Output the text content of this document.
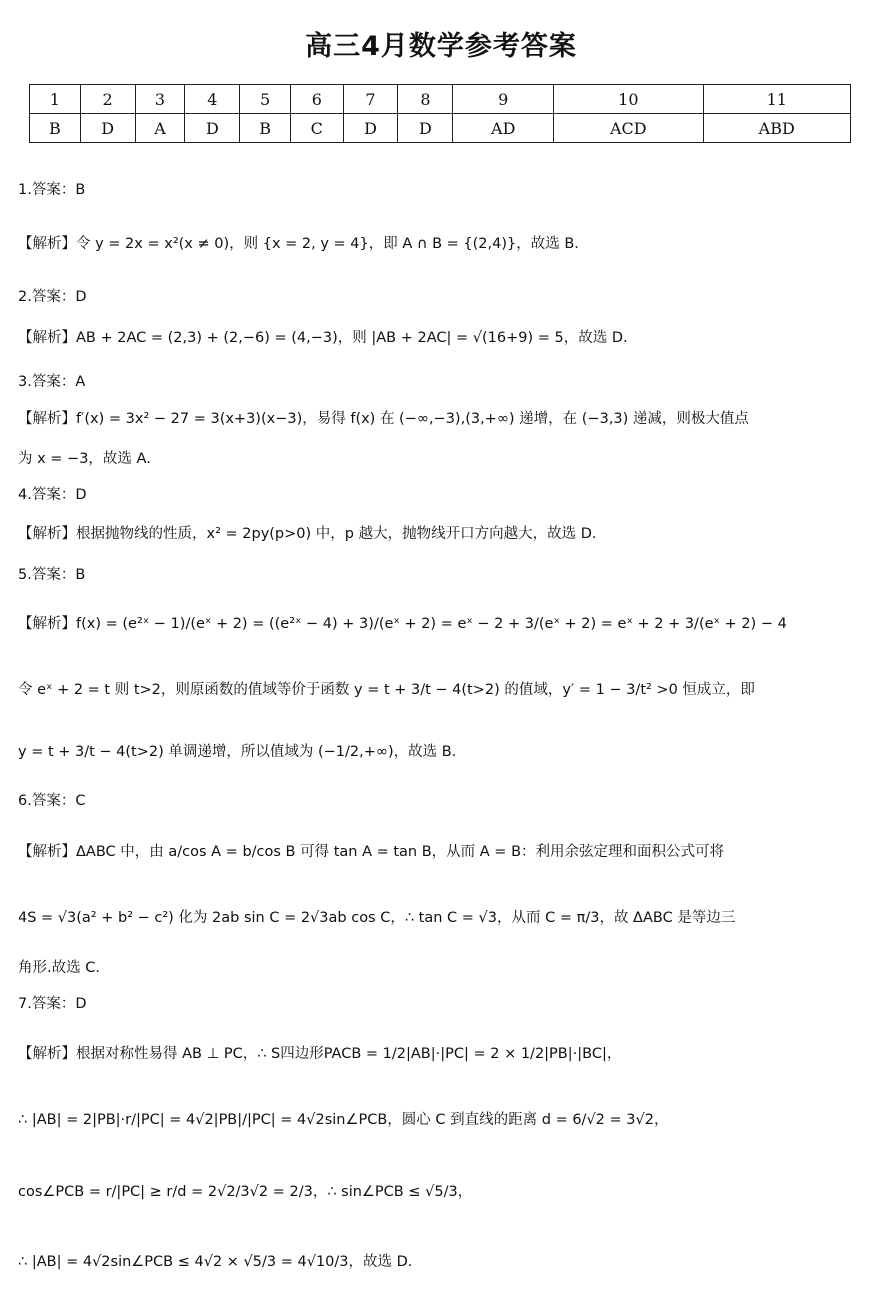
高三4月数学参考答案
1	2	3	4	5	6	7	8	9	10	11
B	D	A	D	B	C	D	D	AD	ACD	ABD
1.答案：B
【解析】令 y = 2x = x²(x ≠ 0)，则 {x = 2, y = 4}，即 A ∩ B = {(2,4)}，故选 B.
2.答案：D
【解析】AB + 2AC = (2,3) + (2,−6) = (4,−3)，则 |AB + 2AC| = √(16+9) = 5，故选 D.
3.答案：A
【解析】f′(x) = 3x² − 27 = 3(x+3)(x−3)，易得 f(x) 在 (−∞,−3),(3,+∞) 递增，在 (−3,3) 递减，则极大值点
为 x = −3，故选 A.
4.答案：D
【解析】根据抛物线的性质，x² = 2py(p>0) 中，p 越大，抛物线开口方向越大，故选 D.
5.答案：B
【解析】f(x) = (e²ˣ − 1)/(eˣ + 2) = ((e²ˣ − 4) + 3)/(eˣ + 2) = eˣ − 2 + 3/(eˣ + 2) = eˣ + 2 + 3/(eˣ + 2) − 4
令 eˣ + 2 = t 则 t>2，则原函数的值域等价于函数 y = t + 3/t − 4(t>2) 的值域，y′ = 1 − 3/t² >0 恒成立，即
y = t + 3/t − 4(t>2) 单调递增，所以值域为 (−1/2,+∞)，故选 B.
6.答案：C
【解析】ΔABC 中，由 a/cos A = b/cos B 可得 tan A = tan B，从而 A = B：利用余弦定理和面积公式可将
4S = √3(a² + b² − c²) 化为 2ab sin C = 2√3ab cos C，∴ tan C = √3，从而 C = π/3，故 ΔABC 是等边三
角形.故选 C.
7.答案：D
【解析】根据对称性易得 AB ⊥ PC，∴ S四边形PACB = 1/2|AB|·|PC| = 2 × 1/2|PB|·|BC|，
∴ |AB| = 2|PB|·r/|PC| = 4√2|PB|/|PC| = 4√2sin∠PCB，圆心 C 到直线的距离 d = 6/√2 = 3√2，
cos∠PCB = r/|PC| ≥ r/d = 2√2/3√2 = 2/3，∴ sin∠PCB ≤ √5/3，
∴ |AB| = 4√2sin∠PCB ≤ 4√2 × √5/3 = 4√10/3，故选 D.
